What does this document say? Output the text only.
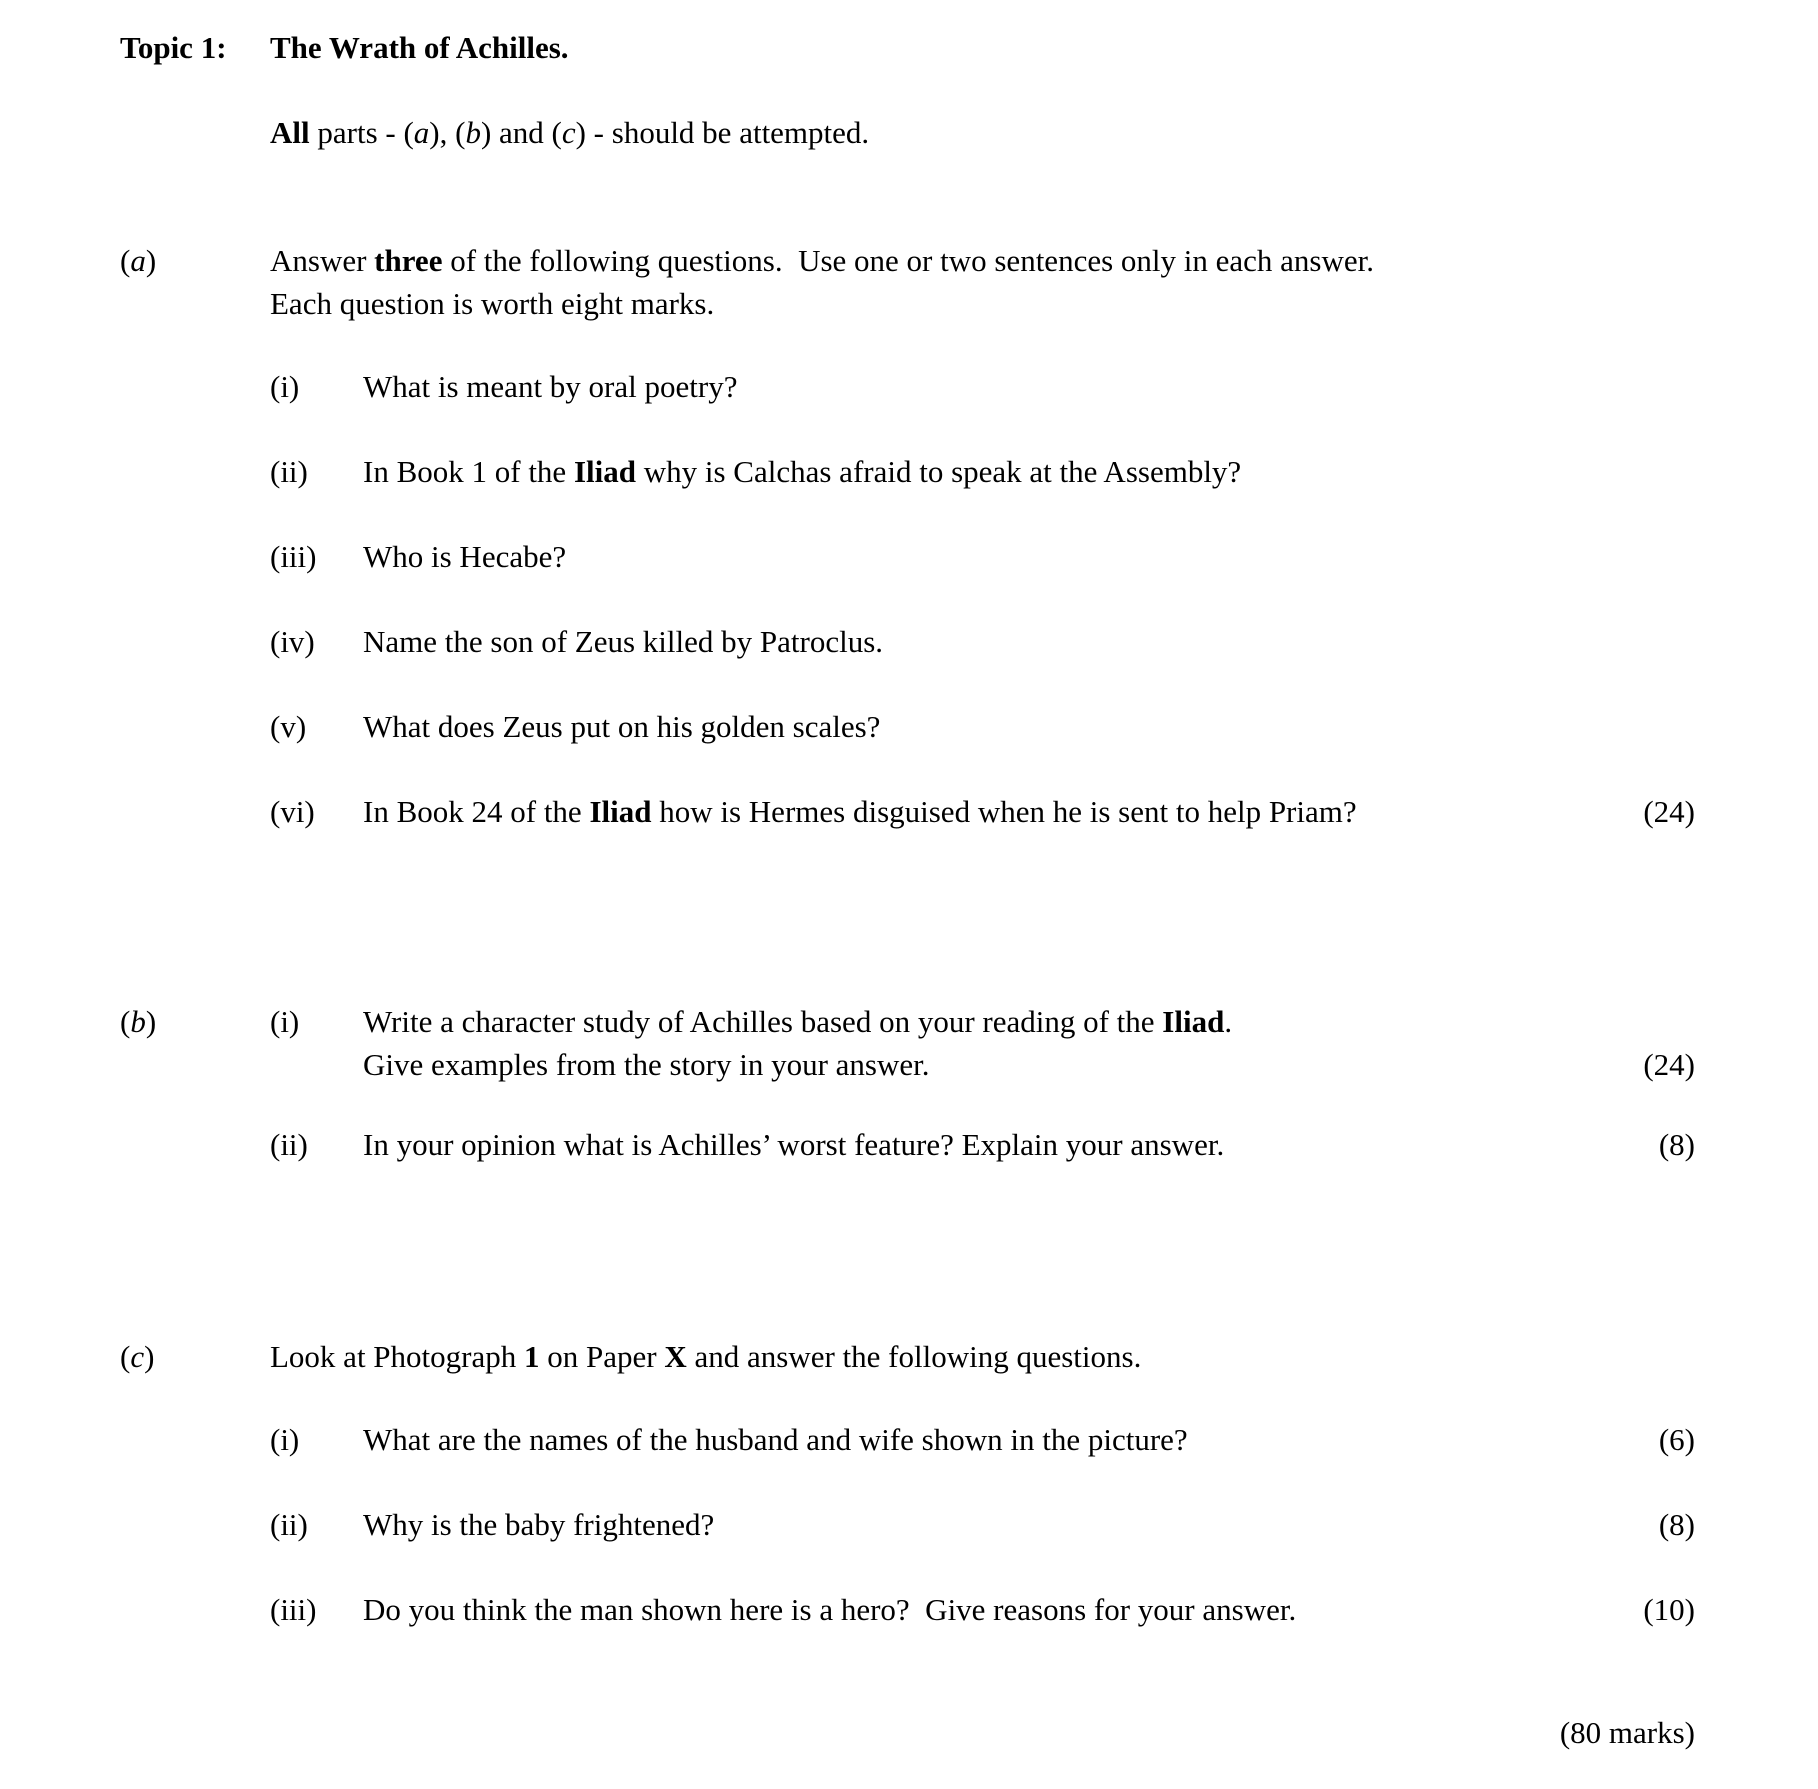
Topic 1:	The Wrath of Achilles.
All parts - (a), (b) and (c) - should be attempted.
(a)	Answer three of the following questions.  Use one or two sentences only in each answer.
Each question is worth eight marks.
(i)	What is meant by oral poetry?
(ii)	In Book 1 of the Iliad why is Calchas afraid to speak at the Assembly?
(iii)	Who is Hecabe?
(iv)	Name the son of Zeus killed by Patroclus.
(v)	What does Zeus put on his golden scales?
(vi)	In Book 24 of the Iliad how is Hermes disguised when he is sent to help Priam?	(24)
(b)	(i)	Write a character study of Achilles based on your reading of the Iliad.
Give examples from the story in your answer.	(24)
(ii)	In your opinion what is Achilles’ worst feature? Explain your answer.	(8)
(c)	Look at Photograph 1 on Paper X and answer the following questions.
(i)	What are the names of the husband and wife shown in the picture?	(6)
(ii)	Why is the baby frightened?	(8)
(iii)	Do you think the man shown here is a hero?  Give reasons for your answer.	(10)
(80 marks)
